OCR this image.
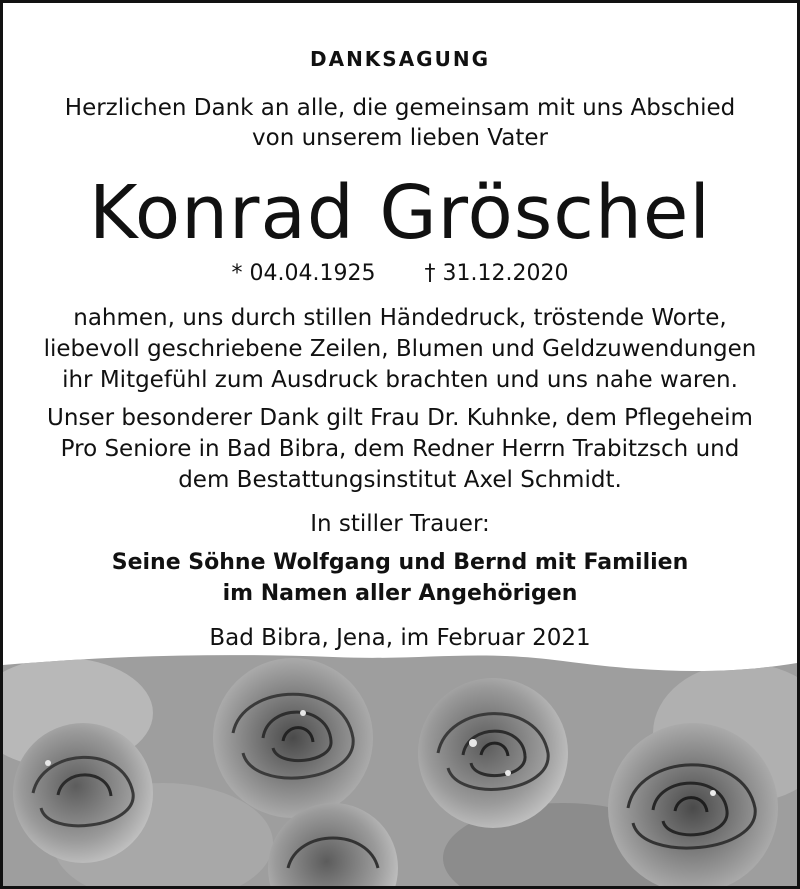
DANKSAGUNG
Herzlichen Dank an alle, die gemeinsam mit uns Abschied
von unserem lieben Vater
Konrad Gröschel
* 04.04.1925 † 31.12.2020
nahmen, uns durch stillen Händedruck, tröstende Worte,
liebevoll geschriebene Zeilen, Blumen und Geldzuwendungen
ihr Mitgefühl zum Ausdruck brachten und uns nahe waren.
Unser besonderer Dank gilt Frau Dr. Kuhnke, dem Pflegeheim
Pro Seniore in Bad Bibra, dem Redner Herrn Trabitzsch und
dem Bestattungsinstitut Axel Schmidt.
In stiller Trauer:
Seine Söhne Wolfgang und Bernd mit Familien
im Namen aller Angehörigen
Bad Bibra, Jena, im Februar 2021
